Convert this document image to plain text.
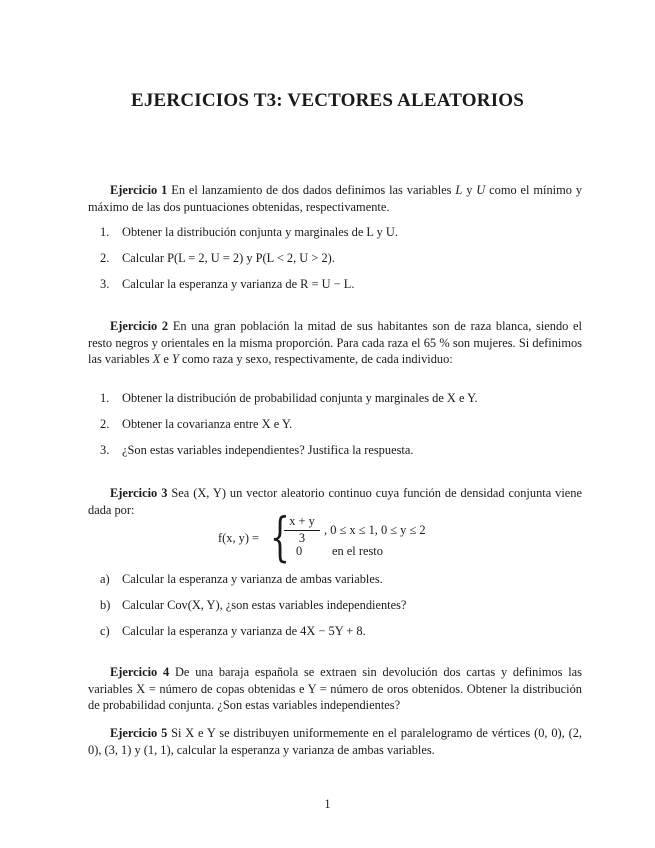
EJERCICIOS T3: VECTORES ALEATORIOS
Ejercicio 1 En el lanzamiento de dos dados definimos las variables L y U como el mínimo y máximo de las dos puntuaciones obtenidas, respectivamente.
1.	Obtener la distribución conjunta y marginales de L y U.
2.	Calcular P(L = 2, U = 2) y P(L < 2, U > 2).
3.	Calcular la esperanza y varianza de R = U − L.
Ejercicio 2 En una gran población la mitad de sus habitantes son de raza blanca, siendo el resto negros y orientales en la misma proporción. Para cada raza el 65 % son mujeres. Si definimos las variables X e Y como raza y sexo, respectivamente, de cada individuo:
1.	Obtener la distribución de probabilidad conjunta y marginales de X e Y.
2.	Obtener la covarianza entre X e Y.
3.	¿Son estas variables independientes? Justifica la respuesta.
Ejercicio 3 Sea (X, Y) un vector aleatorio continuo cuya función de densidad conjunta viene dada por:
f(x, y) = {
$\frac{x + y}{3}$ , 0 ≤ x ≤ 1, 0 ≤ y ≤ 2
0 en el resto
a) Calcular la esperanza y varianza de ambas variables.
b) Calcular Cov(X, Y), ¿son estas variables independientes?
c) Calcular la esperanza y varianza de 4X − 5Y + 8.
Ejercicio 4 De una baraja española se extraen sin devolución dos cartas y definimos las variables X = número de copas obtenidas e Y = número de oros obtenidos. Obtener la distribución de probabilidad conjunta. ¿Son estas variables independientes?
Ejercicio 5 Si X e Y se distribuyen uniformemente en el paralelogramo de vértices (0, 0), (2, 0), (3, 1) y (1, 1), calcular la esperanza y varianza de ambas variables.
1
